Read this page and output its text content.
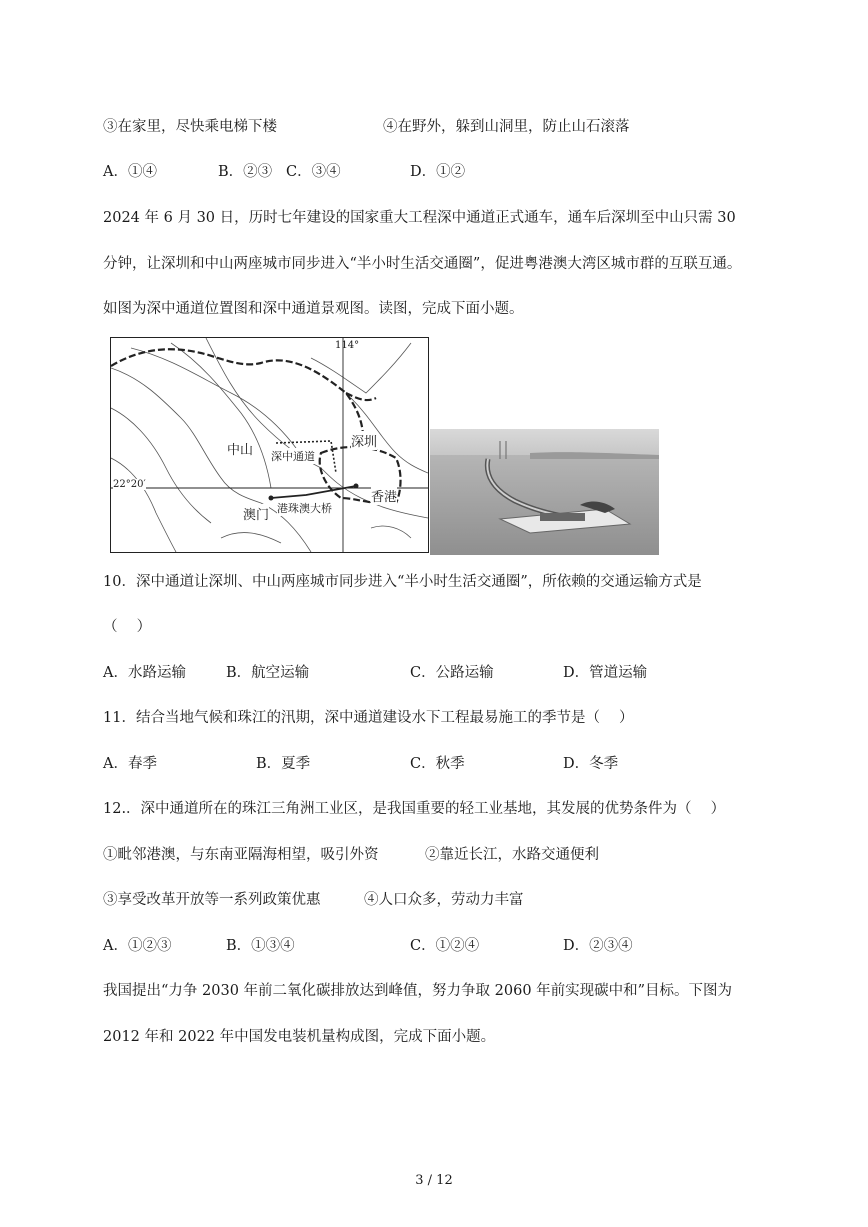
③在家里，尽快乘电梯下楼	④在野外，躲到山洞里，防止山石滚落
A．①④	B．②③ C．③④	D．①②
2024 年 6 月 30 日，历时七年建设的国家重大工程深中通道正式通车，通车后深圳至中山只需 30
分钟，让深圳和中山两座城市同步进入“半小时生活交通圈”，促进粤港澳大湾区城市群的互联互通。
如图为深中通道位置图和深中通道景观图。读图，完成下面小题。
114°
22°20′
中山
深圳
深中通道
澳门
香港
港珠澳大桥
10．深中通道让深圳、中山两座城市同步进入“半小时生活交通圈”，所依赖的交通运输方式是
（　 ）
A．水路运输	B．航空运输	C．公路运输	D．管道运输
11．结合当地气候和珠江的汛期，深中通道建设水下工程最易施工的季节是（　 ）
A．春季	B．夏季	C．秋季	D．冬季
12.．深中通道所在的珠江三角洲工业区，是我国重要的轻工业基地，其发展的优势条件为（　 ）
①毗邻港澳，与东南亚隔海相望，吸引外资	②靠近长江，水路交通便利
③享受改革开放等一系列政策优惠	④人口众多，劳动力丰富
A．①②③	B．①③④	C．①②④	D．②③④
我国提出“力争 2030 年前二氧化碳排放达到峰值，努力争取 2060 年前实现碳中和”目标。下图为
2012 年和 2022 年中国发电装机量构成图，完成下面小题。
3 / 12
